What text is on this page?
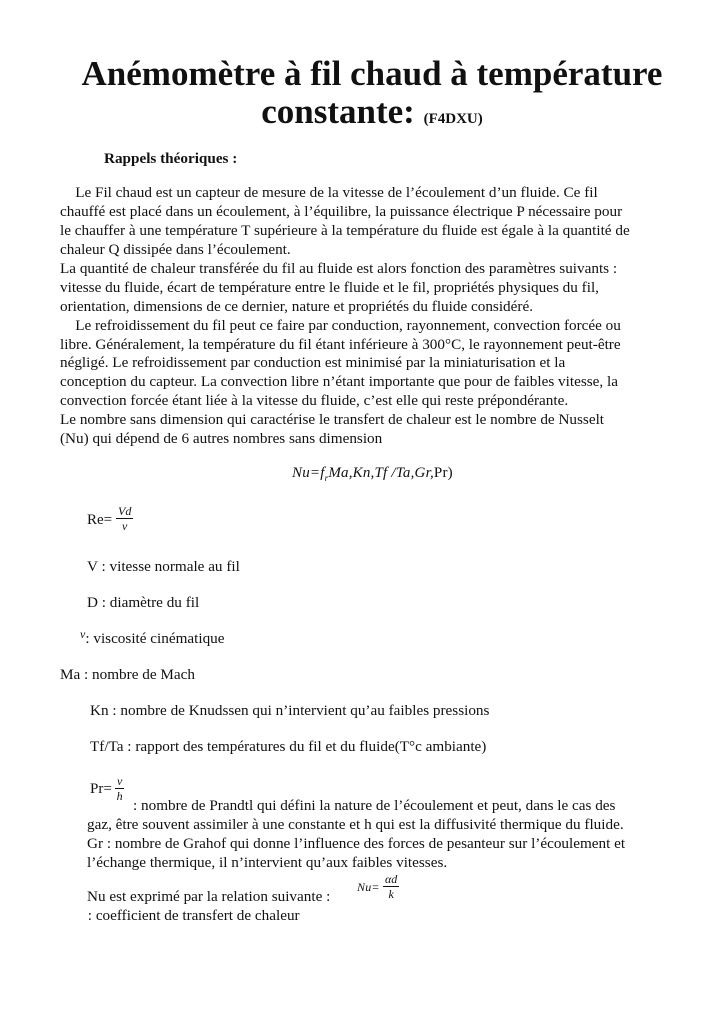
Anémomètre à fil chaud à température
constante: (F4DXU)
Rappels théoriques :
Le Fil chaud est un capteur de mesure de la vitesse de l’écoulement d’un fluide. Ce fil
chauffé est placé dans un écoulement, à l’équilibre, la puissance électrique P nécessaire pour
le chauffer à une température T supérieure à la température du fluide est égale à la quantité de
chaleur Q dissipée dans l’écoulement.
La quantité de chaleur transférée du fil au fluide est alors fonction des paramètres suivants :
vitesse du fluide, écart de température entre le fluide et le fil, propriétés physiques du fil,
orientation, dimensions de ce dernier, nature et propriétés du fluide considéré.
Le refroidissement du fil peut ce faire par conduction, rayonnement, convection forcée ou
libre. Généralement, la température du fil étant inférieure à 300°C, le rayonnement peut-être
négligé. Le refroidissement par conduction est minimisé par la miniaturisation et la
conception du capteur. La convection libre n’étant importante que pour de faibles vitesse, la
convection forcée étant liée à la vitesse du fluide, c’est elle qui reste prépondérante.
Le nombre sans dimension qui caractérise le transfert de chaleur est le nombre de Nusselt
(Nu) qui dépend de 6 autres nombres sans dimension
$Nu=f_rMa,Kn,Tf$ /Ta,Gr,Pr)
$Re= \frac{Vd}{\nu}$
V : vitesse normale au fil
D : diamètre du fil
$^\nu$: viscosité cinématique
Ma : nombre de Mach
Kn : nombre de Knudssen qui n’intervient qu’au faibles pressions
Tf/Ta : rapport des températures du fil et du fluide(T°c ambiante)
$Pr= \frac{\nu}{h}$
: nombre de Prandtl qui défini la nature de l’écoulement et peut, dans le cas des
gaz, être souvent assimiler à une constante et h qui est la diffusivité thermique du fluide.
Gr : nombre de Grahof qui donne l’influence des forces de pesanteur sur l’écoulement et
l’échange thermique, il n’intervient qu’aux faibles vitesses.
Nu est exprimé par la relation suivante :
$Nu= \frac{\alpha d}{k}$
: coefficient de transfert de chaleur
